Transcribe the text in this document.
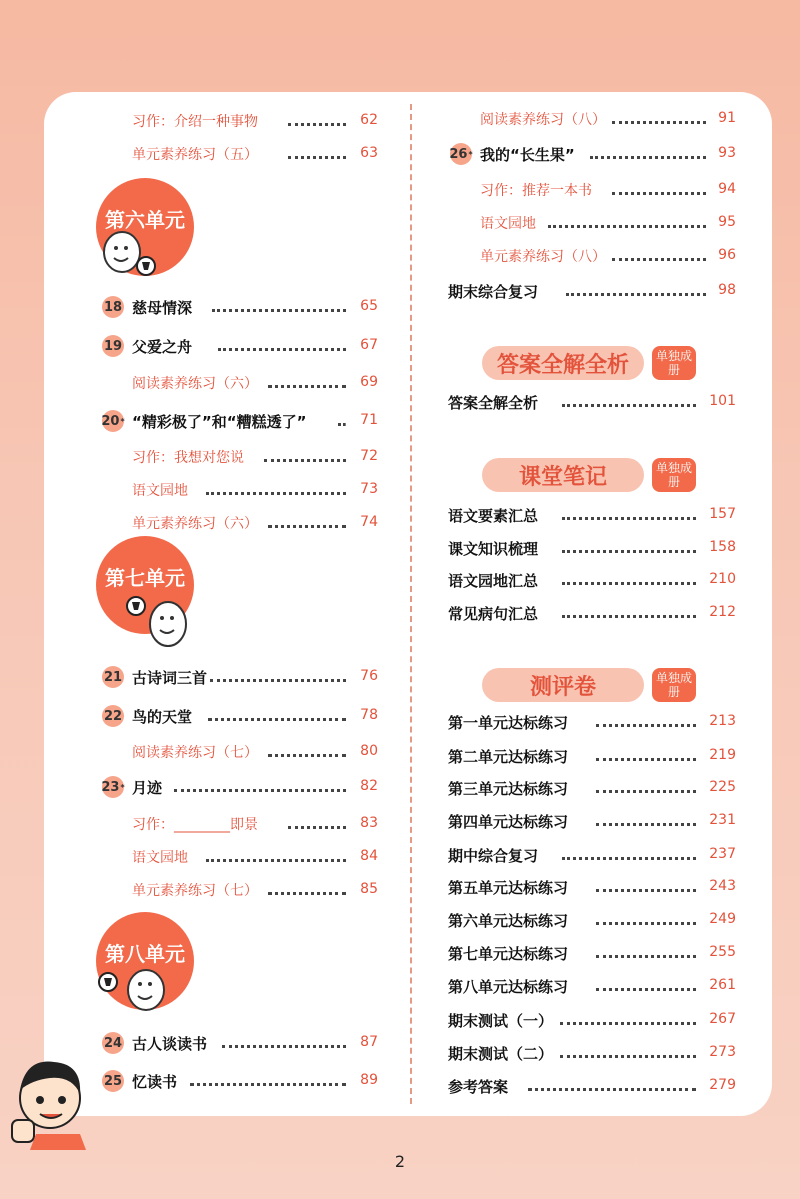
习作：介绍一种事物	62
单元素养练习（五）	63
18 慈母情深	65
19 父爱之舟	67
阅读素养练习（六）	69
20 * “精彩极了”和“糟糕透了”	71
习作：我想对您说	72
语文园地	73
单元素养练习（六）	74
21 古诗词三首	76
22 鸟的天堂	78
阅读素养练习（七）	80
23 * 月迹	82
习作：________即景	83
语文园地	84
单元素养练习（七）	85
24 古人谈读书	87
25 忆读书	89
阅读素养练习（八）	91
26 * 我的“长生果”	93
习作：推荐一本书	94
语文园地	95
单元素养练习（八）	96
期末综合复习	98
答案全解全析	101
语文要素汇总	157
课文知识梳理	158
语文园地汇总	210
常见病句汇总	212
第一单元达标练习	213
第二单元达标练习	219
第三单元达标练习	225
第四单元达标练习	231
期中综合复习	237
第五单元达标练习	243
第六单元达标练习	249
第七单元达标练习	255
第八单元达标练习	261
期末测试（一）	267
期末测试（二）	273
参考答案	279
第六单元
第七单元
第八单元
答案全解全析	单独成册
课堂笔记	单独成册
测评卷	单独成册
2
